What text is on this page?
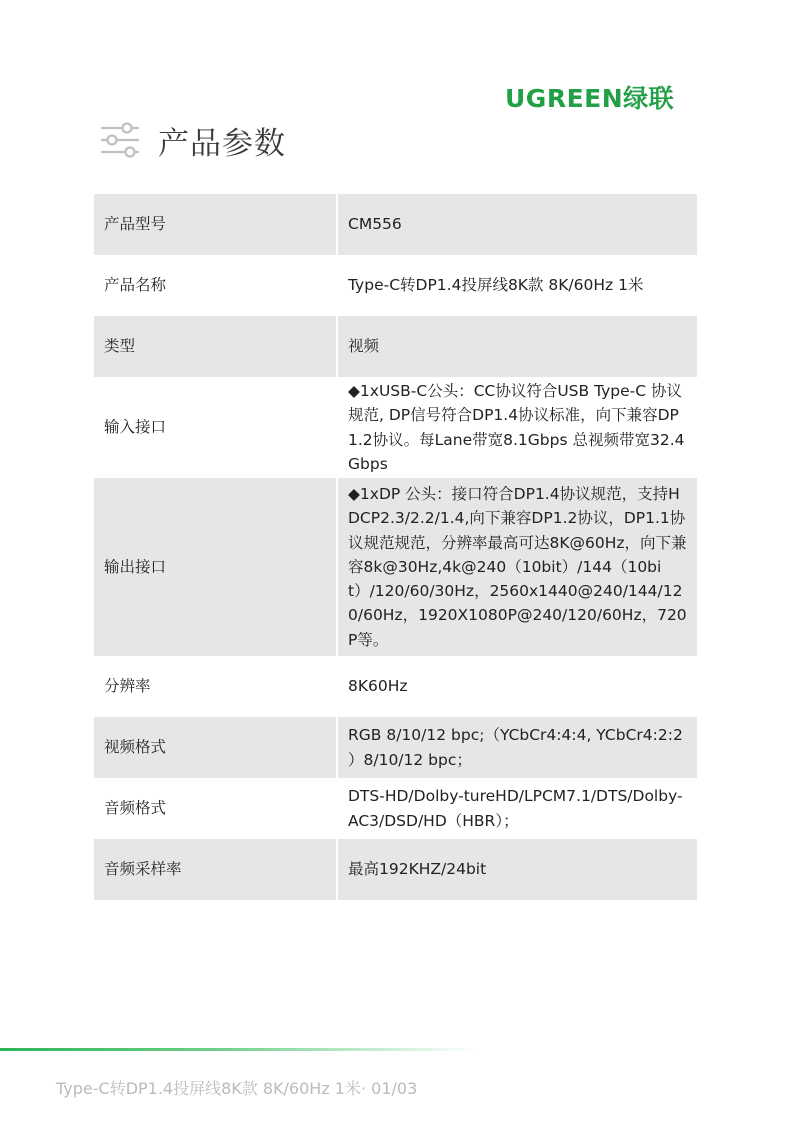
UGREEN绿联
产品参数
产品型号		CM556
产品名称		Type-C转DP1.4投屏线8K款 8K/60Hz 1米
类型		视频
输入接口		◆1xUSB-C公头：CC协议符合USB Type-C 协议规范, DP信号符合DP1.4协议标准，向下兼容DP1.2协议。每Lane带宽8.1Gbps 总视频带宽32.4Gbps
输出接口		◆1xDP 公头：接口符合DP1.4协议规范，支持HDCP2.3/2.2/1.4,向下兼容DP1.2协议，DP1.1协议规范规范，分辨率最高可达8K@60Hz，向下兼容8k@30Hz,4k@240（10bit）/144（10bit）/120/60/30Hz，2560x1440@240/144/120/60Hz，1920X1080P@240/120/60Hz，720P等。
分辨率		8K60Hz
视频格式		RGB 8/10/12 bpc;（YCbCr4:4:4, YCbCr4:2:2 ）8/10/12 bpc；
音频格式		DTS-HD/Dolby-tureHD/LPCM7.1/DTS/Dolby-AC3/DSD/HD（HBR）；
音频采样率		最高192KHZ/24bit
Type-C转DP1.4投屏线8K款 8K/60Hz 1米· 01/03
